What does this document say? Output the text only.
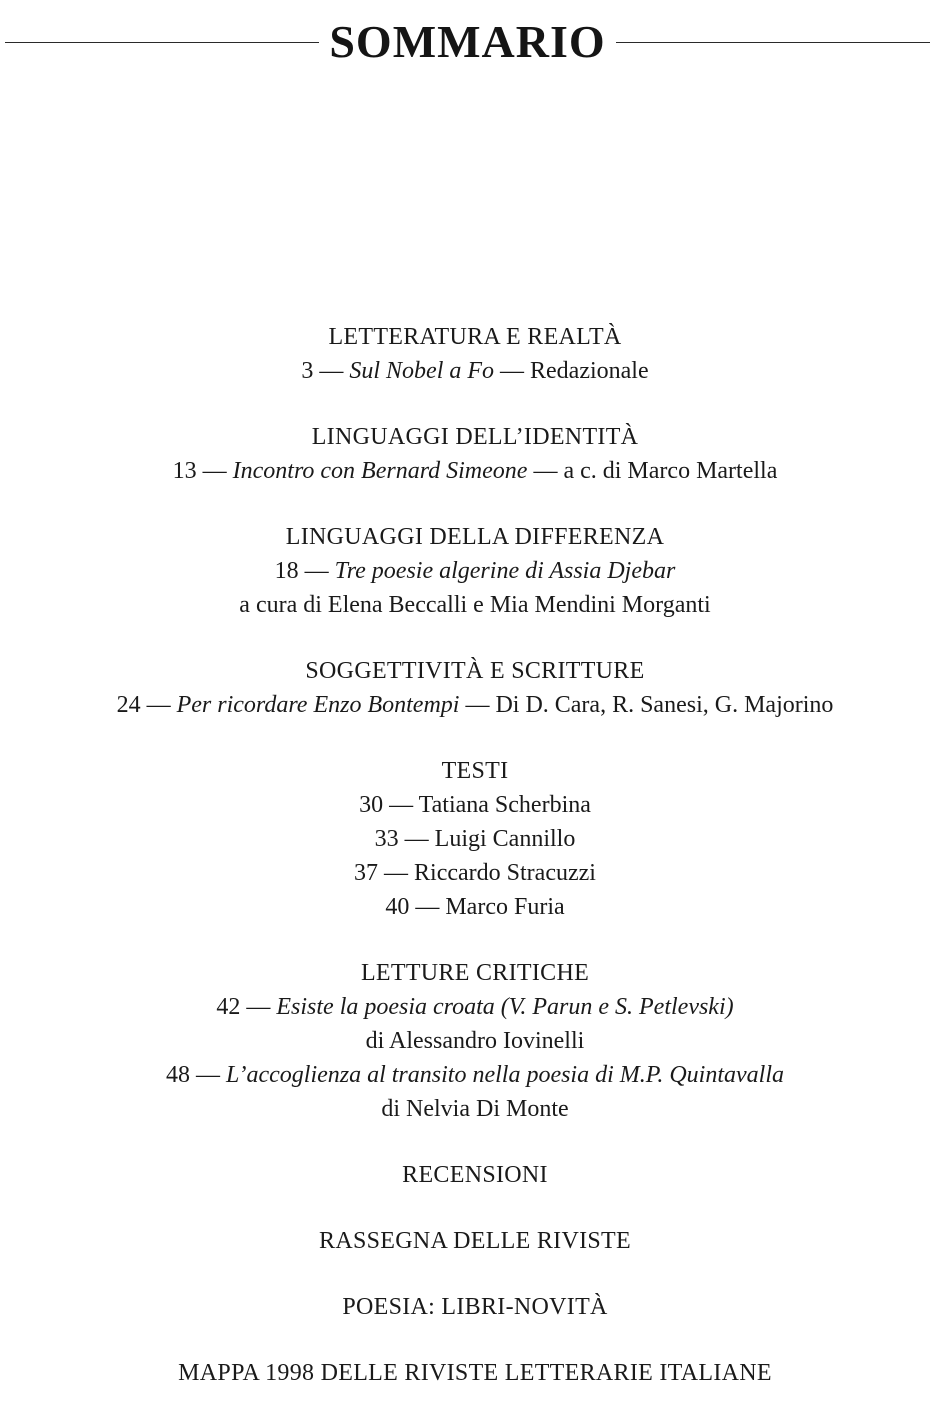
SOMMARIO
LETTERATURA E REALTÀ
3 — Sul Nobel a Fo — Redazionale
LINGUAGGI DELL’IDENTITÀ
13 — Incontro con Bernard Simeone — a c. di Marco Martella
LINGUAGGI DELLA DIFFERENZA
18 — Tre poesie algerine di Assia Djebar
a cura di Elena Beccalli e Mia Mendini Morganti
SOGGETTIVITÀ E SCRITTURE
24 — Per ricordare Enzo Bontempi — Di D. Cara, R. Sanesi, G. Majorino
TESTI
30 — Tatiana Scherbina
33 — Luigi Cannillo
37 — Riccardo Stracuzzi
40 — Marco Furia
LETTURE CRITICHE
42 — Esiste la poesia croata (V. Parun e S. Petlevski)
di Alessandro Iovinelli
48 — L’accoglienza al transito nella poesia di M.P. Quintavalla
di Nelvia Di Monte
RECENSIONI
RASSEGNA DELLE RIVISTE
POESIA: LIBRI-NOVITÀ
MAPPA 1998 DELLE RIVISTE LETTERARIE ITALIANE
